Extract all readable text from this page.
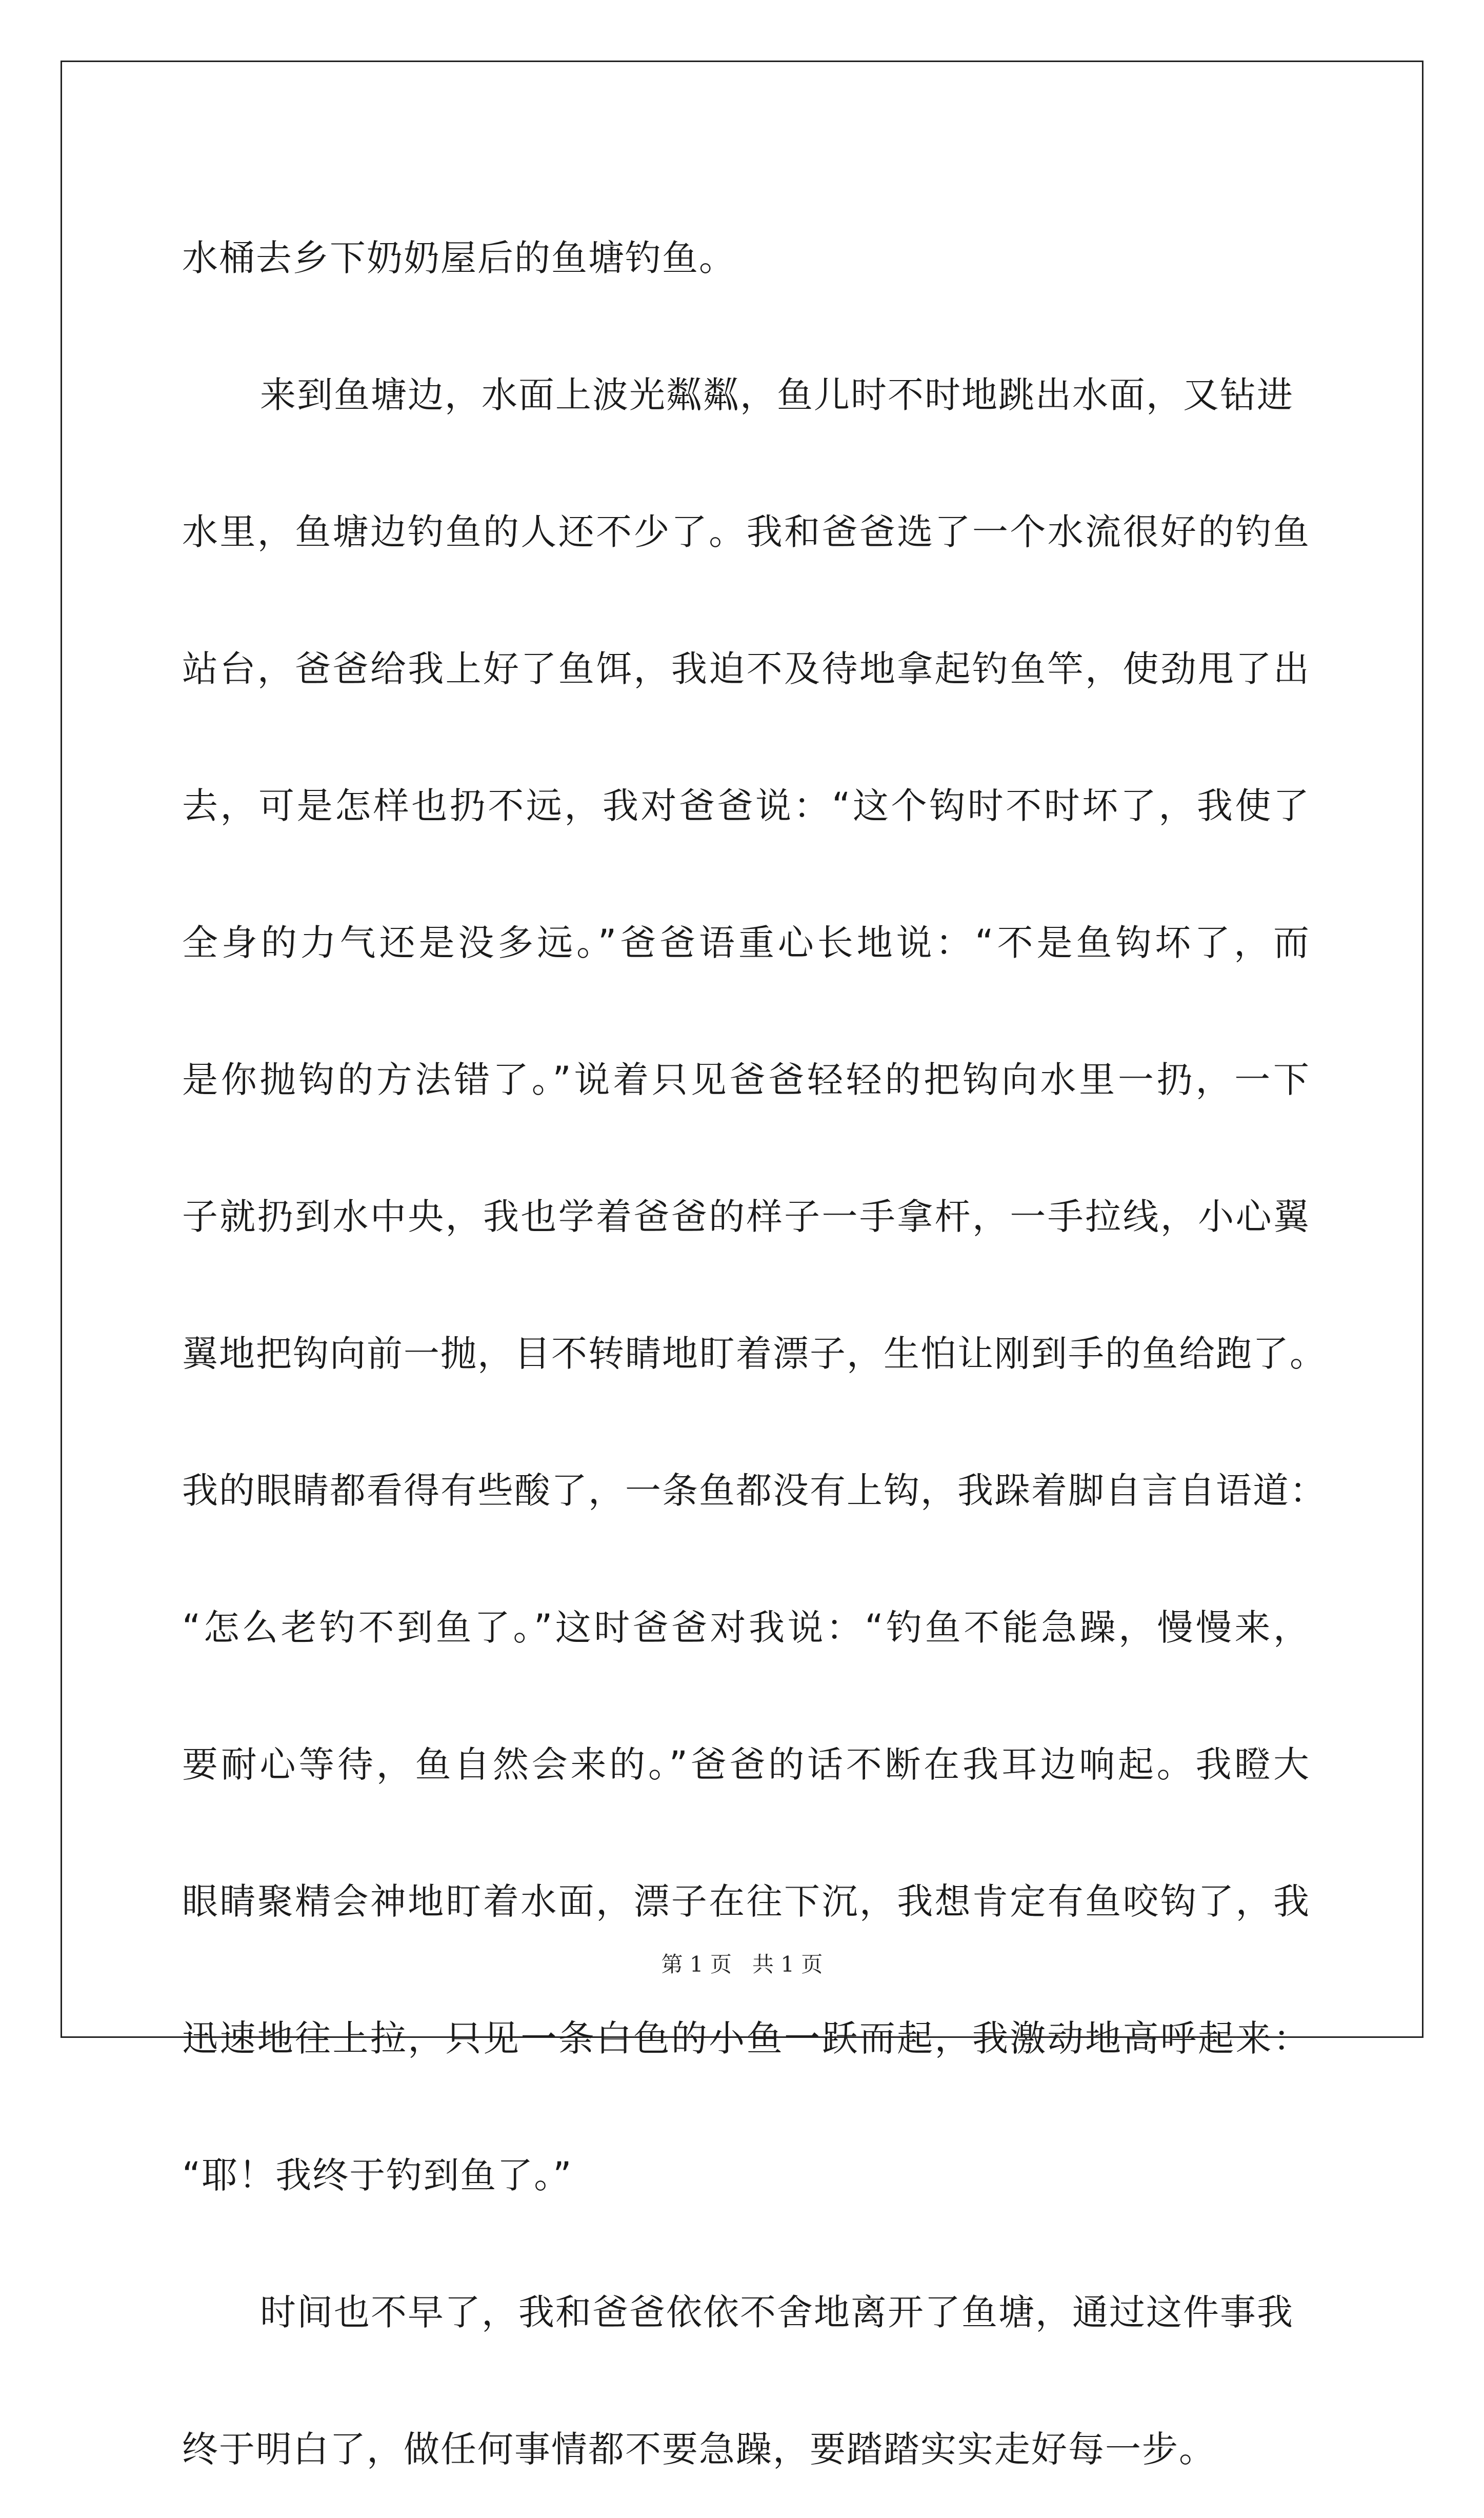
水桶去乡下奶奶屋后的鱼塘钓鱼。
来到鱼塘边，水面上波光粼粼，鱼儿时不时地跳出水面，又钻进
水里，鱼塘边钓鱼的人还不少了。我和爸爸选了一个水流很好的钓鱼
站台，爸爸给我上好了鱼饵，我迫不及待地拿起钓鱼竿，使劲甩了出
去，可是怎样也扔不远，我对爸爸说：“这个钩时不时坏了，我使了
全身的力气还是没多远。”爸爸语重心长地说：“不是鱼钩坏了，而
是你抛钩的方法错了。”说着只见爸爸轻轻的把钩向水里一扔，一下
子就扔到水中央，我也学着爸爸的样子一手拿杆，一手拉线，小心翼
翼地把钩向前一抛，目不转睛地盯着漂子，生怕让刚到手的鱼给跑了。
我的眼睛都看得有些酸了，一条鱼都没有上钩，我跺着脚自言自语道：
“怎么老钓不到鱼了。”这时爸爸对我说：“钓鱼不能急躁，慢慢来，
要耐心等待，鱼自然会来的。”爸爸的话不断在我耳边响起。我瞪大
眼睛聚精会神地盯着水面，漂子在往下沉，我想肯定有鱼咬钩了，我
迅速地往上拉，只见一条白色的小鱼一跃而起，我激动地高呼起来：
“耶！我终于钓到鱼了。”
时间也不早了，我和爸爸依依不舍地离开了鱼塘，通过这件事我
终于明白了，做任何事情都不要急躁，要踏踏实实走好每一步。
第 1 页 共 1 页
